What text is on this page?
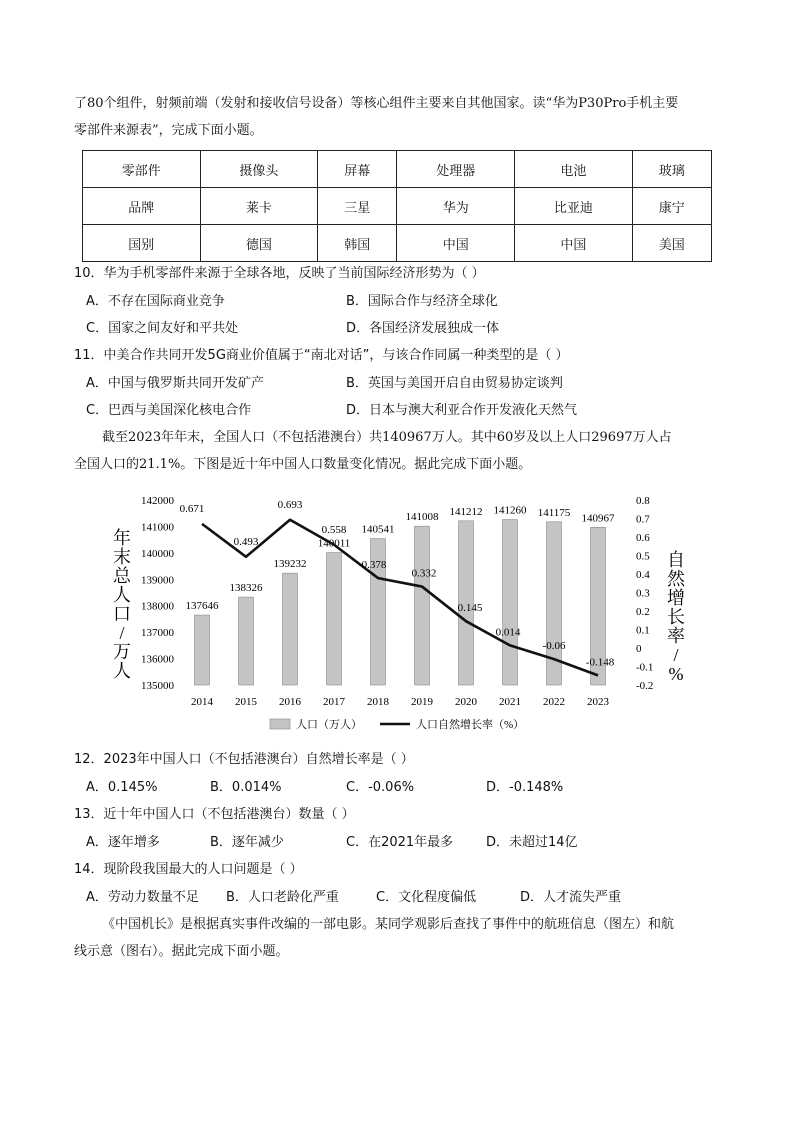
了80个组件，射频前端（发射和接收信号设备）等核心组件主要来自其他国家。读“华为P30Pro手机主要
零部件来源表”，完成下面小题。
零部件	摄像头	屏幕	处理器	电池	玻璃
品牌	莱卡	三星	华为	比亚迪	康宁
国别	德国	韩国	中国	中国	美国
10．华为手机零部件来源于全球各地，反映了当前国际经济形势为（ ）
A．不存在国际商业竞争	B．国际合作与经济全球化
C．国家之间友好和平共处	D．各国经济发展独成一体
11．中美合作共同开发5G商业价值属于“南北对话”，与该合作同属一种类型的是（ ）
A．中国与俄罗斯共同开发矿产	B．英国与美国开启自由贸易协定谈判
C．巴西与美国深化核电合作	D．日本与澳大利亚合作开发液化天然气
截至2023年年末，全国人口（不包括港澳台）共140967万人。其中60岁及以上人口29697万人占
全国人口的21.1%。下图是近十年中国人口数量变化情况。据此完成下面小题。
137646
138326
139232
140011
140541
141008 141212 141260 141175 140967
0.671
0.493
0.693
0.558
0.378
0.332
0.145
0.014
-0.06
-0.148
135000
136000
137000
138000
139000
140000
141000
142000
-0.2
-0.1
0
0.1
0.2
0.3
0.4
0.5
0.6
0.7
0.8
2014 2015 2016 2017 2018 2019 2020 2021 2022 2023
年末总人口/万人
自然增长率/ %
人口（万人）	人口自然增长率（%）
12．2023年中国人口（不包括港澳台）自然增长率是（ ）
A．0.145%	B．0.014%	C．-0.06%	D．-0.148%
13．近十年中国人口（不包括港澳台）数量（ ）
A．逐年增多	B．逐年减少	C．在2021年最多	D．未超过14亿
14．现阶段我国最大的人口问题是（ ）
A．劳动力数量不足 B．人口老龄化严重	C．文化程度偏低	D．人才流失严重
《中国机长》是根据真实事件改编的一部电影。某同学观影后查找了事件中的航班信息（图左）和航
线示意（图右）。据此完成下面小题。
